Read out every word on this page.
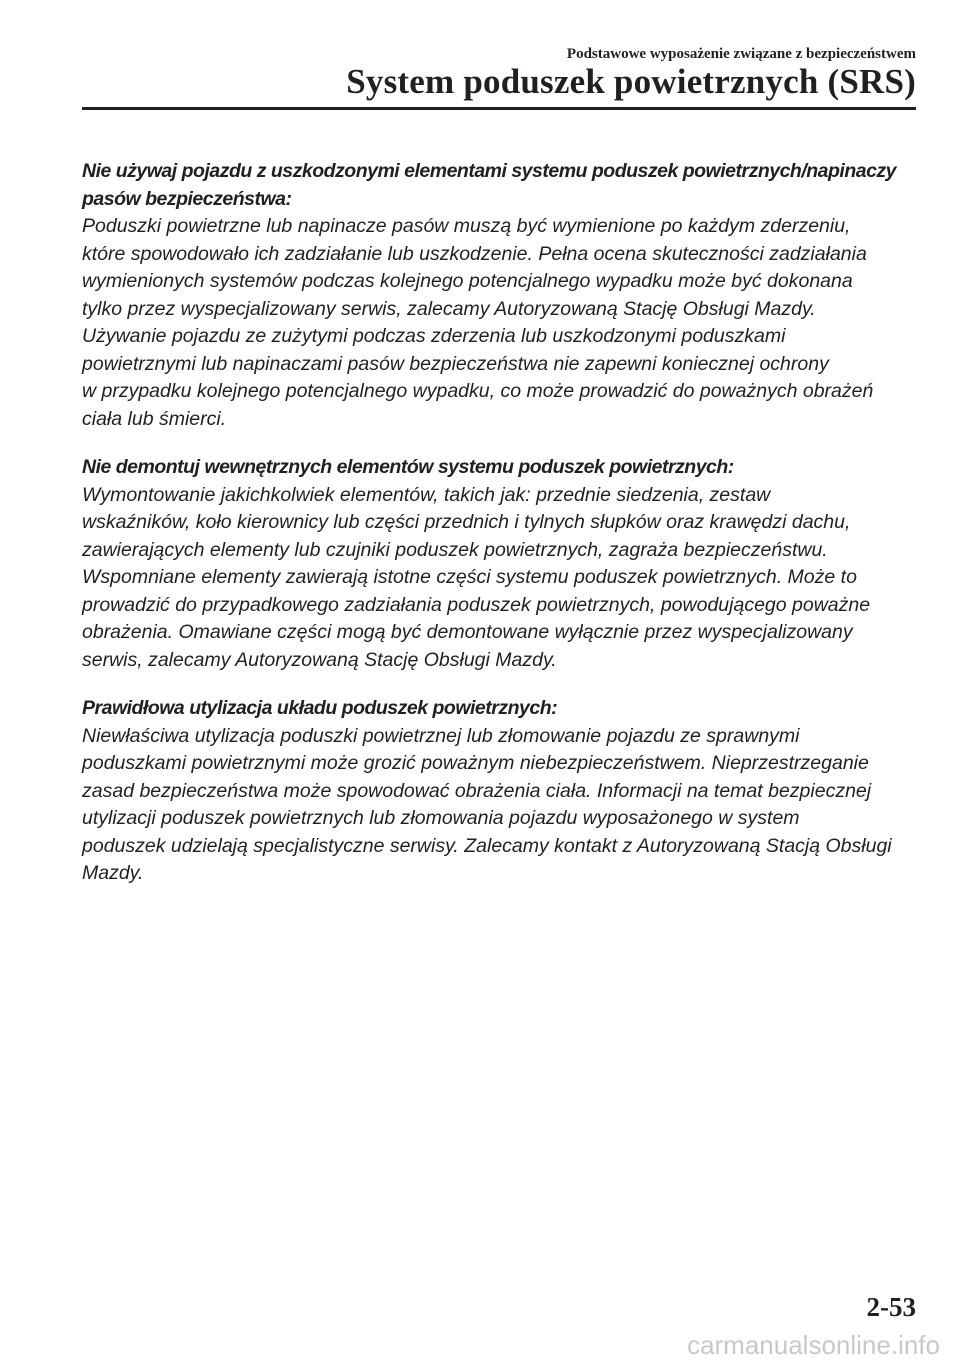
Podstawowe wyposażenie związane z bezpieczeństwem

System poduszek powietrznych (SRS)

Nie używaj pojazdu z uszkodzonymi elementami systemu poduszek powietrznych/napinaczy

pasów bezpieczeństwa:

Poduszki powietrzne lub napinacze pasów muszą być wymienione po każdym zderzeniu,

które spowodowało ich zadziałanie lub uszkodzenie. Pełna ocena skuteczności zadziałania

wymienionych systemów podczas kolejnego potencjalnego wypadku może być dokonana

tylko przez wyspecjalizowany serwis, zalecamy Autoryzowaną Stację Obsługi Mazdy.

Używanie pojazdu ze zużytymi podczas zderzenia lub uszkodzonymi poduszkami

powietrznymi lub napinaczami pasów bezpieczeństwa nie zapewni koniecznej ochrony

w przypadku kolejnego potencjalnego wypadku, co może prowadzić do poważnych obrażeń

ciała lub śmierci.

Nie demontuj wewnętrznych elementów systemu poduszek powietrznych:

Wymontowanie jakichkolwiek elementów, takich jak: przednie siedzenia, zestaw

wskaźników, koło kierownicy lub części przednich i tylnych słupków oraz krawędzi dachu,

zawierających elementy lub czujniki poduszek powietrznych, zagraża bezpieczeństwu.

Wspomniane elementy zawierają istotne części systemu poduszek powietrznych. Może to

prowadzić do przypadkowego zadziałania poduszek powietrznych, powodującego poważne

obrażenia. Omawiane części mogą być demontowane wyłącznie przez wyspecjalizowany

serwis, zalecamy Autoryzowaną Stację Obsługi Mazdy.

Prawidłowa utylizacja układu poduszek powietrznych:

Niewłaściwa utylizacja poduszki powietrznej lub złomowanie pojazdu ze sprawnymi

poduszkami powietrznymi może grozić poważnym niebezpieczeństwem. Nieprzestrzeganie

zasad bezpieczeństwa może spowodować obrażenia ciała. Informacji na temat bezpiecznej

utylizacji poduszek powietrznych lub złomowania pojazdu wyposażonego w system

poduszek udzielają specjalistyczne serwisy. Zalecamy kontakt z Autoryzowaną Stacją Obsługi

Mazdy.

2-53

carmanualsonline.info
